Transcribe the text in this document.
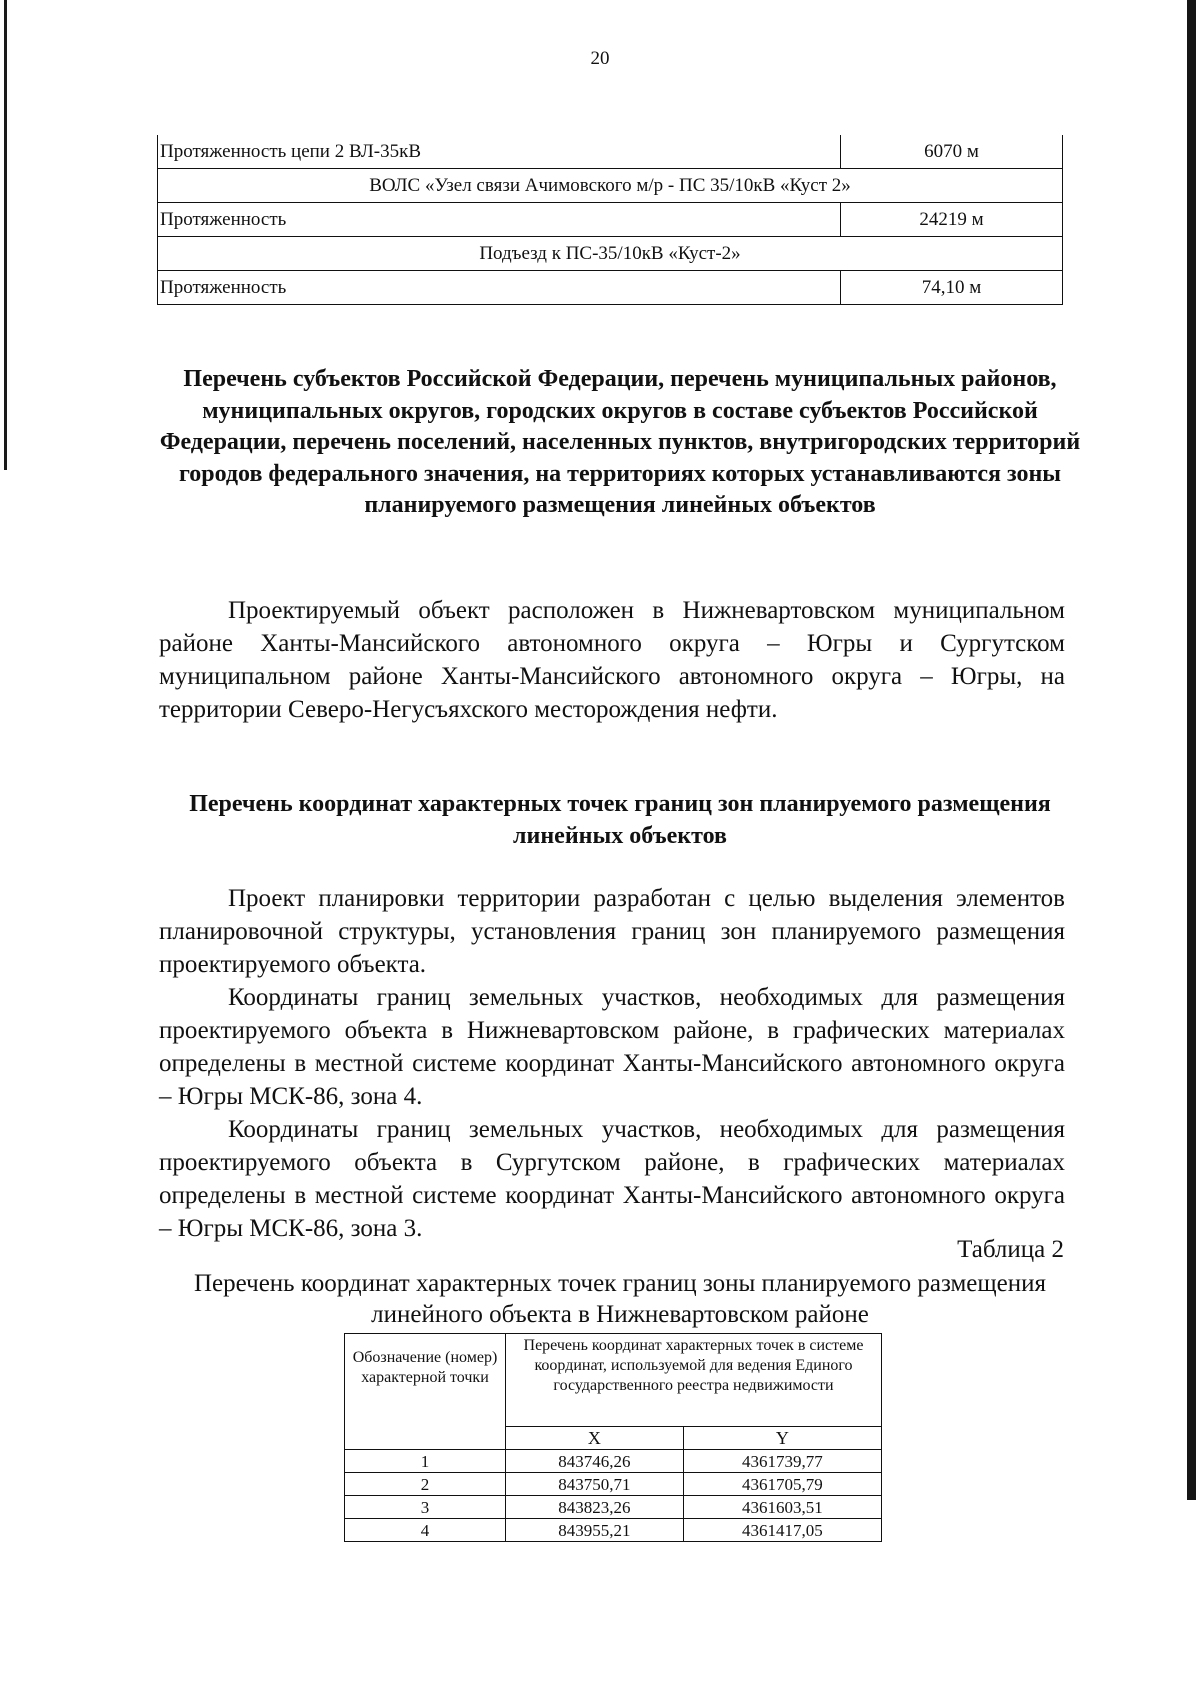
20
Протяженность цепи 2 ВЛ-35кВ	6070 м
ВОЛС «Узел связи Ачимовского м/р - ПС 35/10кВ «Куст 2»	
Протяженность	24219 м
Подъезд к ПС-35/10кВ «Куст-2»	
Протяженность	74,10 м
Перечень субъектов Российской Федерации, перечень муниципальных районов, муниципальных округов, городских округов в составе субъектов Российской Федерации, перечень поселений, населенных пунктов, внутригородских территорий городов федерального значения, на территориях которых устанавливаются зоны планируемого размещения линейных объектов
Проектируемый объект расположен в Нижневартовском муниципальном районе Ханты-Мансийского автономного округа – Югры и Сургутском муниципальном районе Ханты-Мансийского автономного округа – Югры, на территории Северо-Негусъяхского месторождения нефти.
Перечень координат характерных точек границ зон планируемого размещения линейных объектов
Проект планировки территории разработан с целью выделения элементов планировочной структуры, установления границ зон планируемого размещения проектируемого объекта.
Координаты границ земельных участков, необходимых для размещения проектируемого объекта в Нижневартовском районе, в графических материалах определены в местной системе координат Ханты-Мансийского автономного округа – Югры МСК-86, зона 4.
Координаты границ земельных участков, необходимых для размещения проектируемого объекта в Сургутском районе, в графических материалах определены в местной системе координат Ханты-Мансийского автономного округа – Югры МСК-86, зона 3.
Таблица 2
Перечень координат характерных точек границ зоны планируемого размещения линейного объекта в Нижневартовском районе
Обозначение (номер) характерной точки	Перечень координат характерных точек в системе координат, используемой для ведения Единого государственного реестра недвижимости	
	X	Y
1	843746,26	4361739,77
2	843750,71	4361705,79
3	843823,26	4361603,51
4	843955,21	4361417,05
